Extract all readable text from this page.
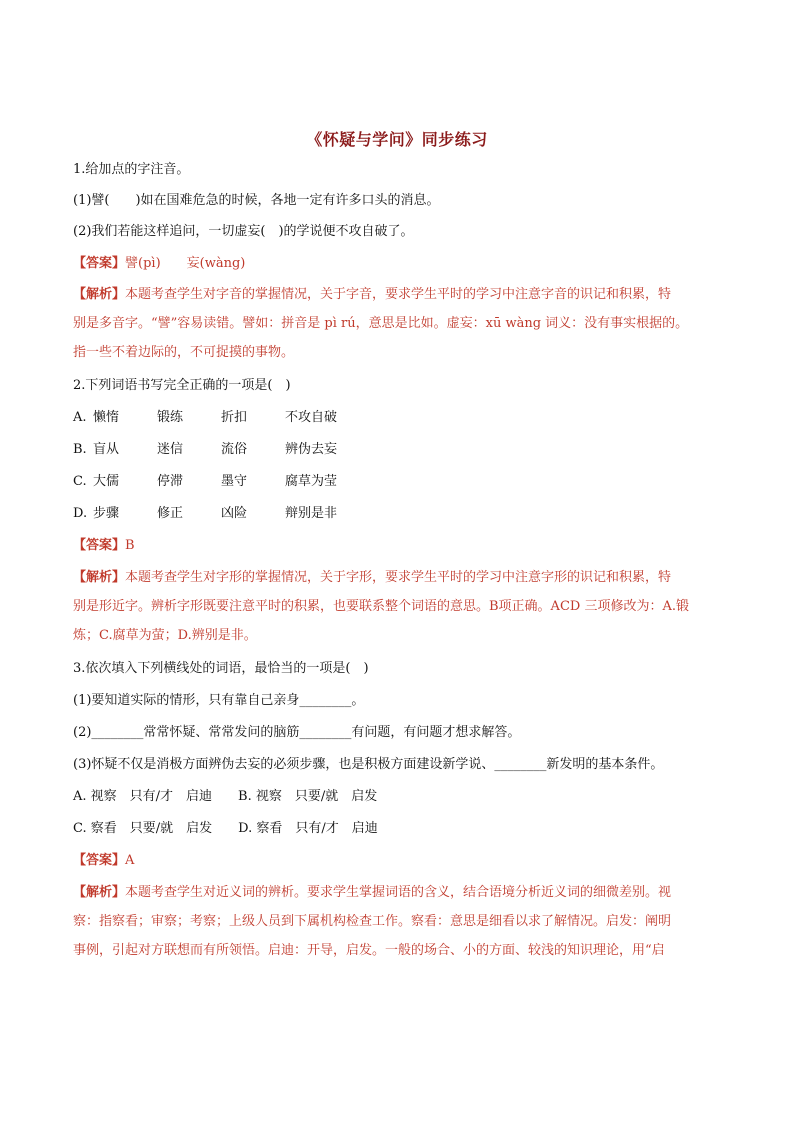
《怀疑与学问》同步练习
1.给加点的字注音。
(1)譬(　　)如在国难危急的时候，各地一定有许多口头的消息。
(2)我们若能这样追问，一切虚妄(　)的学说便不攻自破了。
【答案】譬(pì)　　妄(wàng)
【解析】本题考查学生对字音的掌握情况，关于字音，要求学生平时的学习中注意字音的识记和积累，特
别是多音字。“譬”容易读错。譬如：拼音是 pì rú，意思是比如。虚妄：xū wàng 词义：没有事实根据的。
指一些不着边际的，不可捉摸的事物。
2.下列词语书写完全正确的一项是(　)
A. 懒惰	锻练	折扣	不攻自破
B. 盲从	迷信	流俗	辨伪去妄
C. 大儒	停滞	墨守	腐草为莹
D. 步骤	修正	凶险	辩别是非
【答案】B
【解析】本题考查学生对字形的掌握情况，关于字形，要求学生平时的学习中注意字形的识记和积累，特
别是形近字。辨析字形既要注意平时的积累，也要联系整个词语的意思。B项正确。ACD 三项修改为：A.锻
炼；C.腐草为萤；D.辨别是非。
3.依次填入下列横线处的词语，最恰当的一项是(　)
(1)要知道实际的情形，只有靠自己亲身________。
(2)________常常怀疑、常常发问的脑筋________有问题，有问题才想求解答。
(3)怀疑不仅是消极方面辨伪去妄的必须步骤，也是积极方面建设新学说、________新发明的基本条件。
A. 视察　只有/才　启迪　　B. 视察　只要/就　启发
C. 察看　只要/就　启发　　D. 察看　只有/才　启迪
【答案】A
【解析】本题考查学生对近义词的辨析。要求学生掌握词语的含义，结合语境分析近义词的细微差别。视
察：指察看；审察；考察；上级人员到下属机构检查工作。察看：意思是细看以求了解情况。启发：阐明
事例，引起对方联想而有所领悟。启迪：开导，启发。一般的场合、小的方面、较浅的知识理论，用“启
